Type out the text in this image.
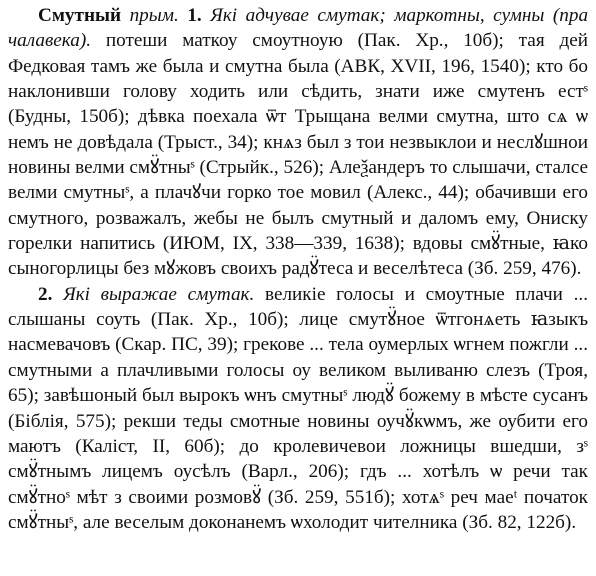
Смутный прым. 1. Які адчувае смутак; маркотны, сумны (пра чалавека). потеши маткоу смоутноую (Пак. Хр., 10б); тая дей Федковая тамъ же была и смутна была (АВК, XVII, 196, 1540); кто бо наклонивши голову ходить или сѣдить, знати иже смутенъ естˢ (Будны, 150б); дѣвка поехала ѿт Трыщана велми смутна, што сѧ ѡ немъ не довѣдала (Трыст., 34); кнѧз был з тои незвыклои и неслꙋшнои новины велми смꙋ̈тныˢ (Стрыйк., 526); Алеѯандеръ то слышачи, сталсе велми смутныˢ, а плачꙋчи горко тое мовил (Алекс., 44); обачивши его смутного, розважалъ, жебы не былъ смутный и даломъ ему, Ониску горелки напитись (ИЮМ, IX, 338—339, 1638); вдовы смꙋ̈тные, ꙗко сыногорлицы без мꙋжовъ своихъ радꙋ̈теса и веселѣтеса (Зб. 259, 476).

2. Які выражае смутак. великіе голосы и смоутные плачи ... слышаны соуть (Пак. Хр., 10б); лице смутꙋ̈ное ѿтгонѧеть ꙗзыкъ насмевачовъ (Скар. ПС, 39); грекове ... тела оумерлых ѡгнем пожгли ... смутными а плачливыми голосы оу великом выливаню слезъ (Троя, 65); завѣшоный был вырокъ ѡнъ смутныˢ людꙋ̈ божему в мѣсте сусанъ (Біблія, 575); рекши теды смотные новины оучꙋ̈кѡмъ, же оубити его маютъ (Каліст, II, 60б); до кролевичевои ложницы вшедши, зˢ смꙋ̈тнымъ лицемъ оусѣлъ (Варл., 206); гдъ ... хотѣлъ ѡ речи так смꙋ̈тноˢ мѣт з своими розмовꙋ̈ (Зб. 259, 551б); хотѧˢ реч маеᵗ початок смꙋ̈тныˢ, але веселым доконанемъ ѡхолодит чителника (Зб. 82, 122б).
